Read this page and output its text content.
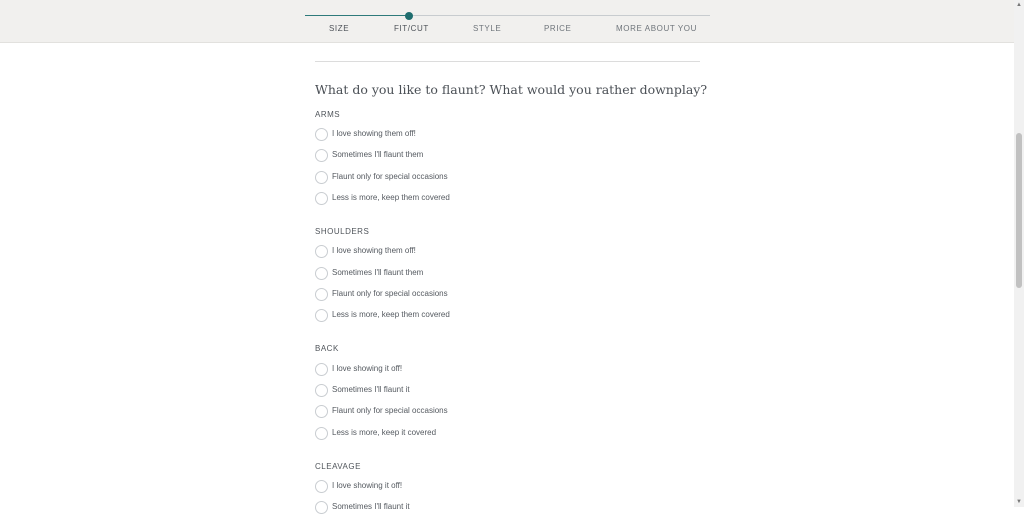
SIZE	FIT/CUT	STYLE	PRICE	MORE ABOUT YOU
What do you like to flaunt? What would you rather downplay?
ARMS
I love showing them off!
Sometimes I'll flaunt them
Flaunt only for special occasions
Less is more, keep them covered
SHOULDERS
I love showing them off!
Sometimes I'll flaunt them
Flaunt only for special occasions
Less is more, keep them covered
BACK
I love showing it off!
Sometimes I'll flaunt it
Flaunt only for special occasions
Less is more, keep it covered
CLEAVAGE
I love showing it off!
Sometimes I'll flaunt it
▲
▼
